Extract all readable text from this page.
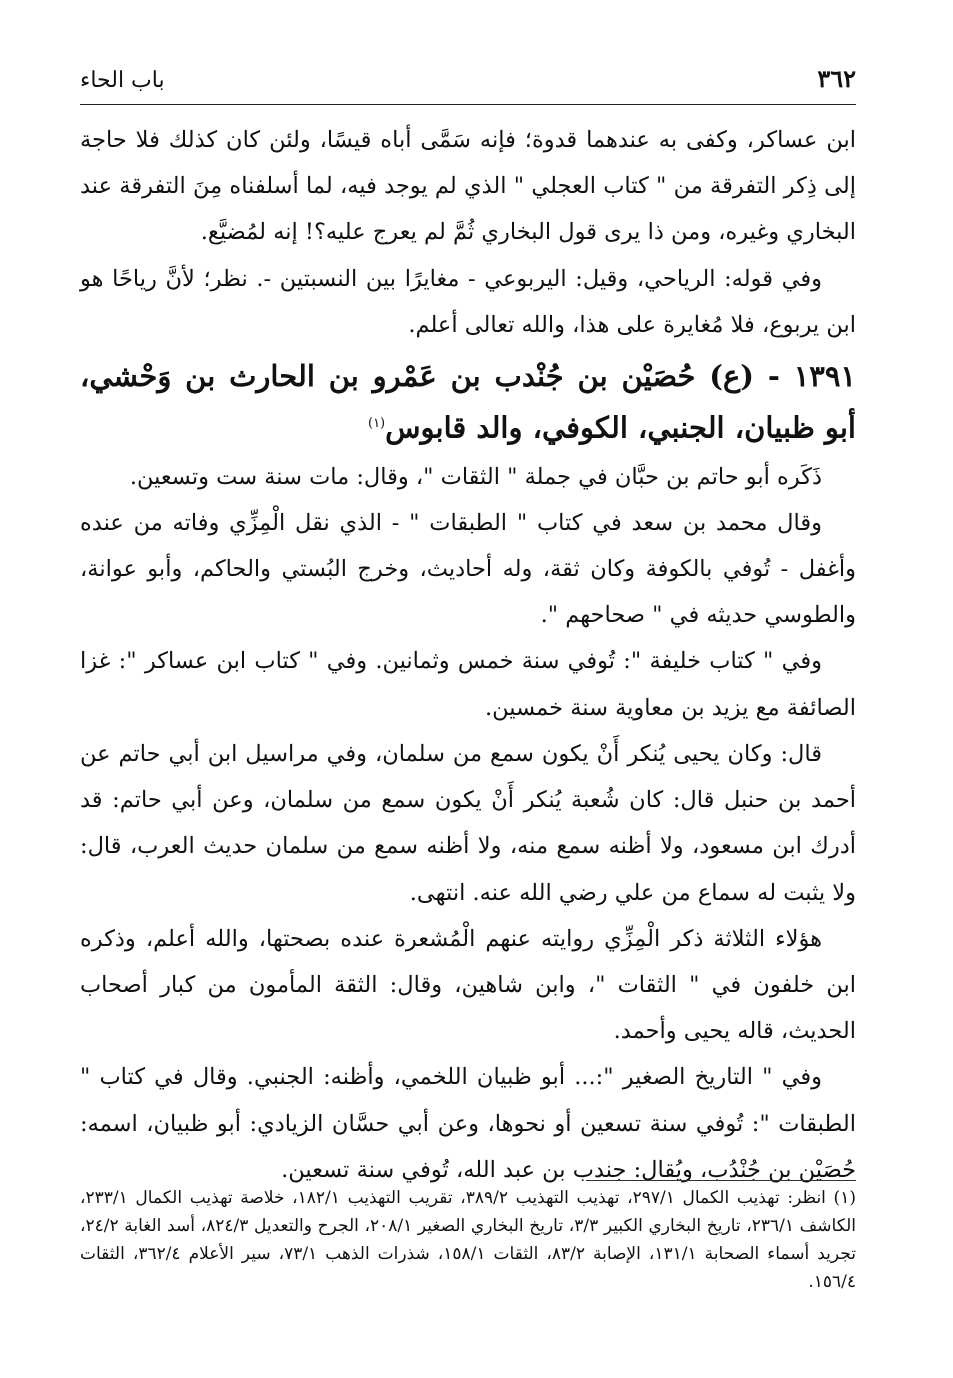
٣٦٢
باب الحاء

ابن عساكر، وكفى به عندهما قدوة؛ فإنه سَمَّى أباه قيسًا، ولئن كان كذلك فلا حاجة إلى ذِكر التفرقة من " كتاب العجلي " الذي لم يوجد فيه، لما أسلفناه مِنَ التفرقة عند البخاري وغيره، ومن ذا يرى قول البخاري ثُمَّ لم يعرج عليه؟! إنه لمُضيَّع.

وفي قوله: الرياحي، وقيل: اليربوعي - مغايرًا بين النسبتين -. نظر؛ لأنَّ رياحًا هو ابن يربوع، فلا مُغايرة على هذا، والله تعالى أعلم.

١٣٩١ - (ع) حُصَيْن بن جُنْدب بن عَمْرو بن الحارث بن وَحْشي، أبو ظبيان، الجنبي، الكوفي، والد قابوس$^{(١)}$

ذَكَره أبو حاتم بن حبَّان في جملة " الثقات "، وقال: مات سنة ست وتسعين.

وقال محمد بن سعد في كتاب " الطبقات " - الذي نقل الْمِزِّي وفاته من عنده وأغفل - تُوفي بالكوفة وكان ثقة، وله أحاديث، وخرج البُستي والحاكم، وأبو عوانة، والطوسي حديثه في " صحاحهم ".

وفي " كتاب خليفة ": تُوفي سنة خمس وثمانين. وفي " كتاب ابن عساكر ": غزا الصائفة مع يزيد بن معاوية سنة خمسين.

قال: وكان يحيى يُنكر أَنْ يكون سمع من سلمان، وفي مراسيل ابن أبي حاتم عن أحمد بن حنبل قال: كان شُعبة يُنكر أَنْ يكون سمع من سلمان، وعن أبي حاتم: قد أدرك ابن مسعود، ولا أظنه سمع منه، ولا أظنه سمع من سلمان حديث العرب، قال: ولا يثبت له سماع من علي رضي الله عنه. انتهى.

هؤلاء الثلاثة ذكر الْمِزِّي روايته عنهم الْمُشعرة عنده بصحتها، والله أعلم، وذكره ابن خلفون في " الثقات "، وابن شاهين، وقال: الثقة المأمون من كبار أصحاب الحديث، قاله يحيى وأحمد.

وفي " التاريخ الصغير ":... أبو ظبيان اللخمي، وأظنه: الجنبي. وقال في كتاب " الطبقات ": تُوفي سنة تسعين أو نحوها، وعن أبي حسَّان الزيادي: أبو ظبيان، اسمه: حُصَيْن بن جُنْدُب، ويُقال: جندب بن عبد الله، تُوفي سنة تسعين.

(١) انظر: تهذيب الكمال ٢٩٧/١، تهذيب التهذيب ٣٨٩/٢، تقريب التهذيب ١٨٢/١، خلاصة تهذيب الكمال ٢٣٣/١، الكاشف ٢٣٦/١، تاريخ البخاري الكبير ٣/٣، تاريخ البخاري الصغير ٢٠٨/١، الجرح والتعديل ٨٢٤/٣، أسد الغابة ٢٤/٢، تجريد أسماء الصحابة ١٣١/١، الإصابة ٨٣/٢، الثقات ١٥٨/١، شذرات الذهب ٧٣/١، سير الأعلام ٣٦٢/٤، الثقات ١٥٦/٤.
